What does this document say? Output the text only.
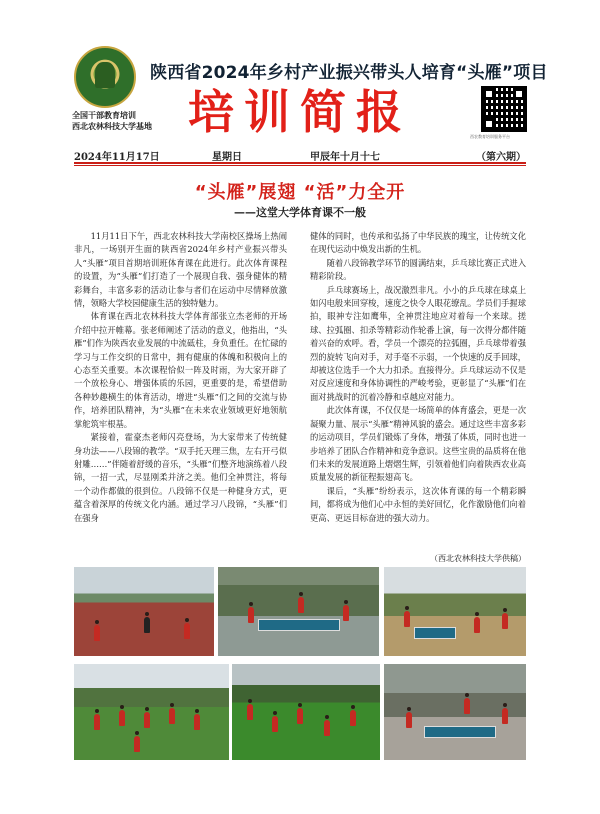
全国干部教育培训
西北农林科技大学基地
陕西省2024年乡村产业振兴带头人培育“头雁”项目
培训简报	西农教育培训服务平台
2024年11月17日	星期日	甲辰年十月十七	（第六期）
“头雁”展翅 “活”力全开
——这堂大学体育课不一般

11月11日下午，西北农林科技大学南校区操场上热闹非凡，一场别开生面的陕西省2024年乡村产业振兴带头人“头雁”项目首期培训班体育课在此进行。此次体育课程的设置，为“头雁”们打造了一个展现自我、强身健体的精彩舞台，丰富多彩的活动让参与者们在运动中尽情释放激情，领略大学校园健康生活的独特魅力。

体育课在西北农林科技大学体育部张立杰老师的开场介绍中拉开帷幕。张老师阐述了活动的意义，他指出，“头雁”们作为陕西农业发展的中流砥柱，身负重任。在忙碌的学习与工作交织的日常中，拥有健康的体魄和积极向上的心态至关重要。本次课程恰似一阵及时雨，为大家开辟了一个放松身心、增强体质的乐园，更重要的是，希望借助各种妙趣横生的体育活动，增进“头雁”们之间的交流与协作，培养团队精神，为“头雁”在未来农业领域更好地领航掌舵筑牢根基。

紧接着，霍豪杰老师闪亮登场，为大家带来了传统健身功法——八段锦的教学。“双手托天理三焦，左右开弓似射雕……”伴随着舒缓的音乐，“头雁”们整齐地演练着八段锦，一招一式，尽显刚柔并济之美。他们全神贯注，将每一个动作都做的很到位。八段锦不仅是一种健身方式，更蕴含着深厚的传统文化内涵。通过学习八段锦，“头雁”们在强身

健体的同时，也传承和弘扬了中华民族的瑰宝，让传统文化在现代运动中焕发出新的生机。

随着八段锦教学环节的圆满结束，乒乓球比赛正式进入精彩阶段。

乒乓球赛场上，战况激烈非凡。小小的乒乓球在球桌上如闪电般来回穿梭，速度之快令人眼花缭乱。学员们手握球拍，眼神专注如鹰隼，全神贯注地应对着每一个来球。搓球、拉弧圈、扣杀等精彩动作轮番上演，每一次得分都伴随着兴奋的欢呼。看，学员一个漂亮的拉弧圈，乒乓球带着强烈的旋转飞向对手，对手毫不示弱，一个快速的反手回球，却被这位选手一个大力扣杀。直接得分。乒乓球运动不仅是对反应速度和身体协调性的严峻考验，更彰显了“头雁”们在面对挑战时的沉着冷静和卓越应对能力。

此次体育课，不仅仅是一场简单的体育盛会，更是一次凝聚力量、展示“头雁”精神风貌的盛会。通过这些丰富多彩的运动项目，学员们锻炼了身体，增强了体质，同时也进一步培养了团队合作精神和竞争意识。这些宝贵的品质将在他们未来的发展道路上熠熠生辉，引领着他们向着陕西农业高质量发展的新征程振翅高飞。

课后，“头雁”纷纷表示，这次体育课的每一个精彩瞬间，都将成为他们心中永恒的美好回忆，化作激励他们向着更高、更远目标奋进的强大动力。

（西北农林科技大学供稿）
